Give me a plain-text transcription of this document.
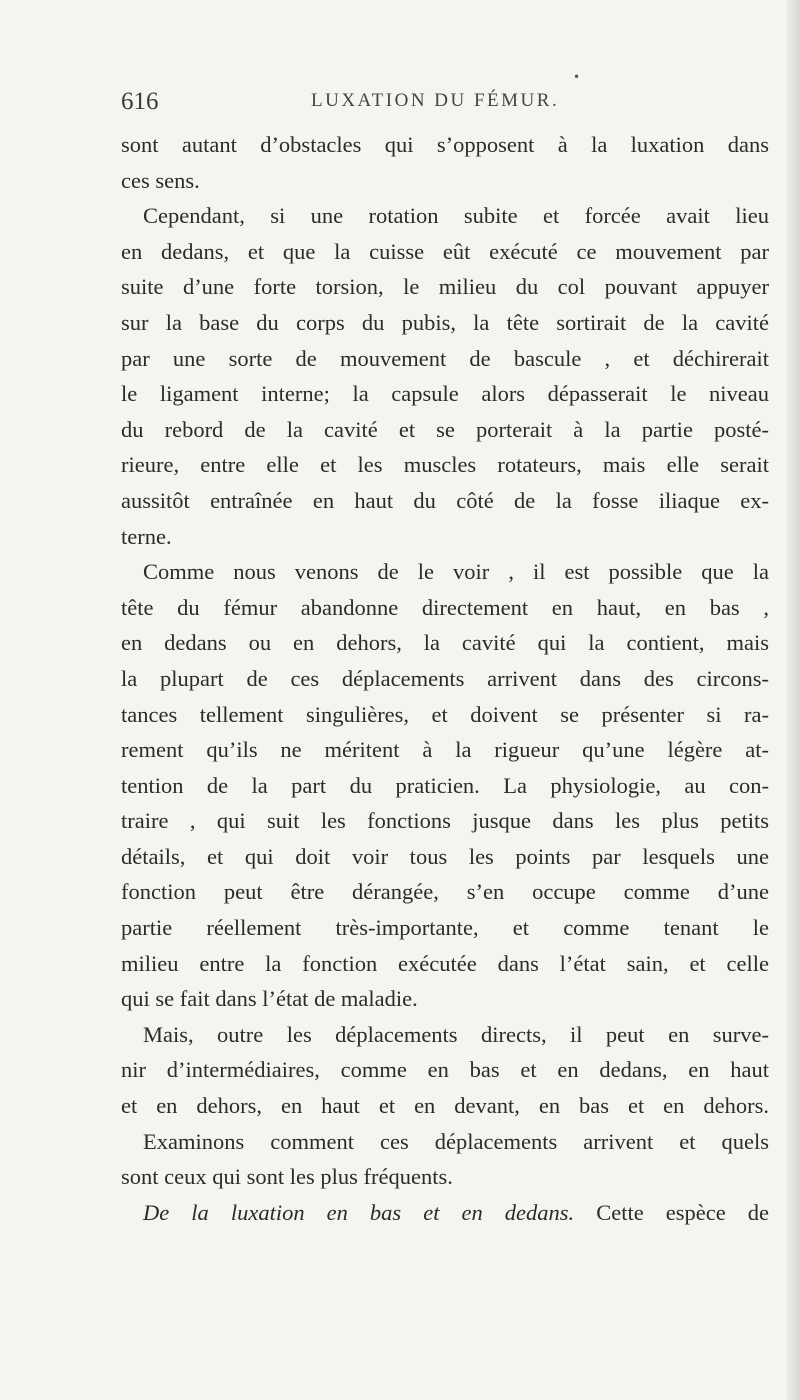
616	LUXATION DU FÉMUR.
•
sont autant d’obstacles qui s’opposent à la luxation dans
ces sens.
Cependant, si une rotation subite et forcée avait lieu
en dedans, et que la cuisse eût exécuté ce mouvement par
suite d’une forte torsion, le milieu du col pouvant appuyer
sur la base du corps du pubis, la tête sortirait de la cavité
par une sorte de mouvement de bascule , et déchirerait
le ligament interne; la capsule alors dépasserait le niveau
du rebord de la cavité et se porterait à la partie posté-
rieure, entre elle et les muscles rotateurs, mais elle serait
aussitôt entraînée en haut du côté de la fosse iliaque ex-
terne.
Comme nous venons de le voir , il est possible que la
tête du fémur abandonne directement en haut, en bas ,
en dedans ou en dehors, la cavité qui la contient, mais
la plupart de ces déplacements arrivent dans des circons-
tances tellement singulières, et doivent se présenter si ra-
rement qu’ils ne méritent à la rigueur qu’une légère at-
tention de la part du praticien. La physiologie, au con-
traire , qui suit les fonctions jusque dans les plus petits
détails, et qui doit voir tous les points par lesquels une
fonction peut être dérangée, s’en occupe comme d’une
partie réellement très-importante, et comme tenant le
milieu entre la fonction exécutée dans l’état sain, et celle
qui se fait dans l’état de maladie.
Mais, outre les déplacements directs, il peut en surve-
nir d’intermédiaires, comme en bas et en dedans, en haut
et en dehors, en haut et en devant, en bas et en dehors.
Examinons comment ces déplacements arrivent et quels
sont ceux qui sont les plus fréquents.
De la luxation en bas et en dedans. Cette espèce de
